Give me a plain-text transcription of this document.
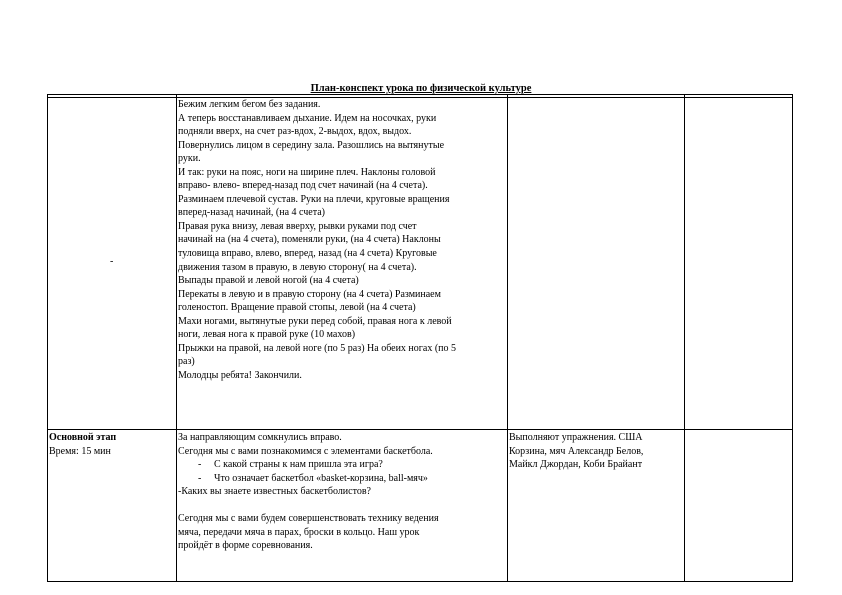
План-конспект урока по физической культуре
-

Бежим легким бегом без задания.

А теперь восстанавливаем дыхание. Идем на носочках, руки

подняли вверх, на счет раз-вдох, 2-выдох, вдох, выдох.

Повернулись лицом в середину зала. Разошлись на вытянутые

руки.

И так: руки на пояс, ноги на ширине плеч. Наклоны головой

вправо- влево- вперед-назад под счет начинай (на 4 счета).

Разминаем плечевой сустав. Руки на плечи, круговые вращения

вперед-назад начинай, (на 4 счета)

Правая рука внизу, левая вверху, рывки руками под счет

начинай на (на 4 счета), поменяли руки, (на 4 счета) Наклоны

туловища вправо, влево, вперед, назад (на 4 счета) Круговые

движения тазом в правую, в левую сторону( на 4 счета).

Выпады правой и левой ногой (на 4 счета)

Перекаты в левую и в правую сторону (на 4 счета) Разминаем

голеностоп. Вращение правой стопы, левой (на 4 счета)

Махи ногами, вытянутые руки перед собой, правая нога к левой

ноги, левая нога к правой руке (10 махов)

Прыжки на правой, на левой ноге (по 5 раз) На обеих ногах (по 5

раз)

Молодцы ребята! Закончили.

Основной этап

Время: 15 мин

За направляющим сомкнулись вправо.

Сегодня мы с вами познакомимся с элементами баскетбола.

- С какой страны к нам пришла эта игра?

- Что означает баскетбол «basket-корзина, ball-мяч»

-Каких вы знаете известных баскетболистов?

Сегодня мы с вами будем совершенствовать технику ведения

мяча, передачи мяча в парах, броски в кольцо. Наш урок

пройдёт в форме соревнования.

Выполняют упражнения. США

Корзина, мяч Александр Белов,

Майкл Джордан, Коби Брайант
